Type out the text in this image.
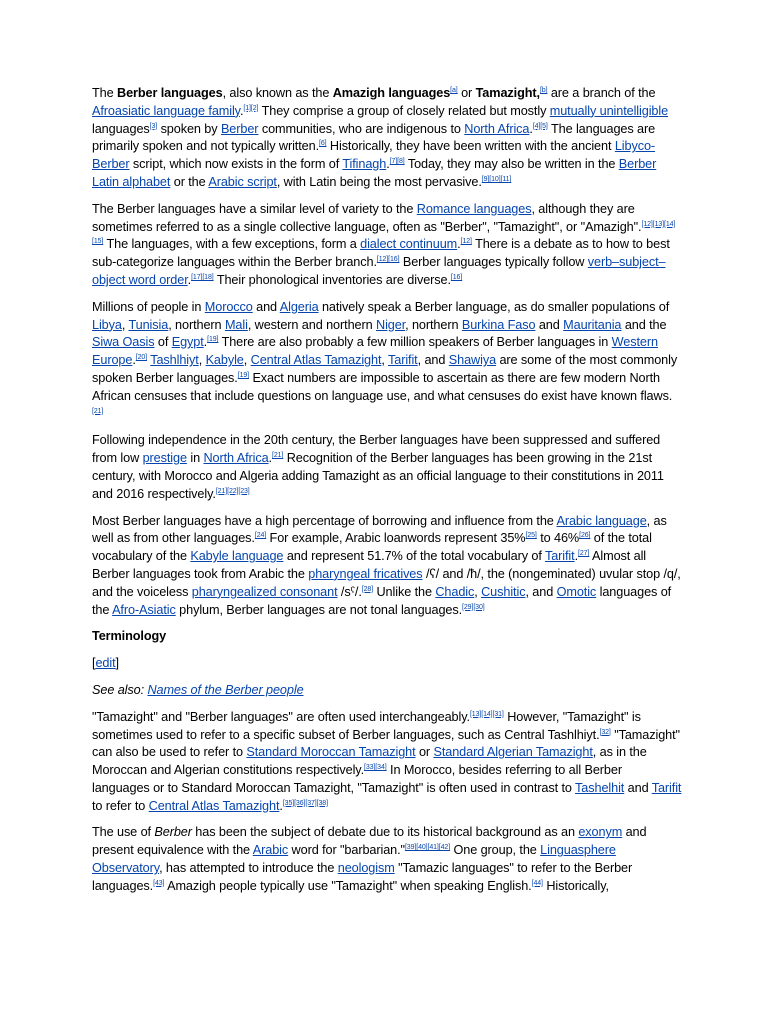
The Berber languages, also known as the Amazigh languages[a] or Tamazight,[b] are a branch of the Afroasiatic language family.[1][2] They comprise a group of closely related but mostly mutually unintelligible languages[3] spoken by Berber communities, who are indigenous to North Africa.[4][5] The languages are primarily spoken and not typically written.[6] Historically, they have been written with the ancient Libyco-Berber script, which now exists in the form of Tifinagh.[7][8] Today, they may also be written in the Berber Latin alphabet or the Arabic script, with Latin being the most pervasive.[9][10][11]

The Berber languages have a similar level of variety to the Romance languages, although they are sometimes referred to as a single collective language, often as "Berber", "Tamazight", or "Amazigh".[12][13][14][15] The languages, with a few exceptions, form a dialect continuum.[12] There is a debate as to how to best sub-categorize languages within the Berber branch.[12][16] Berber languages typically follow verb–subject–object word order.[17][18] Their phonological inventories are diverse.[16]

Millions of people in Morocco and Algeria natively speak a Berber language, as do smaller populations of Libya, Tunisia, northern Mali, western and northern Niger, northern Burkina Faso and Mauritania and the Siwa Oasis of Egypt.[19] There are also probably a few million speakers of Berber languages in Western Europe.[20] Tashlhiyt, Kabyle, Central Atlas Tamazight, Tarifit, and Shawiya are some of the most commonly spoken Berber languages.[19] Exact numbers are impossible to ascertain as there are few modern North African censuses that include questions on language use, and what censuses do exist have known flaws.[21]

Following independence in the 20th century, the Berber languages have been suppressed and suffered from low prestige in North Africa.[21] Recognition of the Berber languages has been growing in the 21st century, with Morocco and Algeria adding Tamazight as an official language to their constitutions in 2011 and 2016 respectively.[21][22][23]

Most Berber languages have a high percentage of borrowing and influence from the Arabic language, as well as from other languages.[24] For example, Arabic loanwords represent 35%[25] to 46%[26] of the total vocabulary of the Kabyle language and represent 51.7% of the total vocabulary of Tarifit.[27] Almost all Berber languages took from Arabic the pharyngeal fricatives /ʕ/ and /ħ/, the (nongeminated) uvular stop /q/, and the voiceless pharyngealized consonant /sˤ/.[28] Unlike the Chadic, Cushitic, and Omotic languages of the Afro-Asiatic phylum, Berber languages are not tonal languages.[29][30]

Terminology

[edit]

See also: Names of the Berber people

"Tamazight" and "Berber languages" are often used interchangeably.[13][14][31] However, "Tamazight" is sometimes used to refer to a specific subset of Berber languages, such as Central Tashlhiyt.[32] "Tamazight" can also be used to refer to Standard Moroccan Tamazight or Standard Algerian Tamazight, as in the Moroccan and Algerian constitutions respectively.[33][34] In Morocco, besides referring to all Berber languages or to Standard Moroccan Tamazight, "Tamazight" is often used in contrast to Tashelhit and Tarifit to refer to Central Atlas Tamazight.[35][36][37][38]

The use of Berber has been the subject of debate due to its historical background as an exonym and present equivalence with the Arabic word for "barbarian."[39][40][41][42] One group, the Linguasphere Observatory, has attempted to introduce the neologism "Tamazic languages" to refer to the Berber languages.[43] Amazigh people typically use "Tamazight" when speaking English.[44] Historically,
